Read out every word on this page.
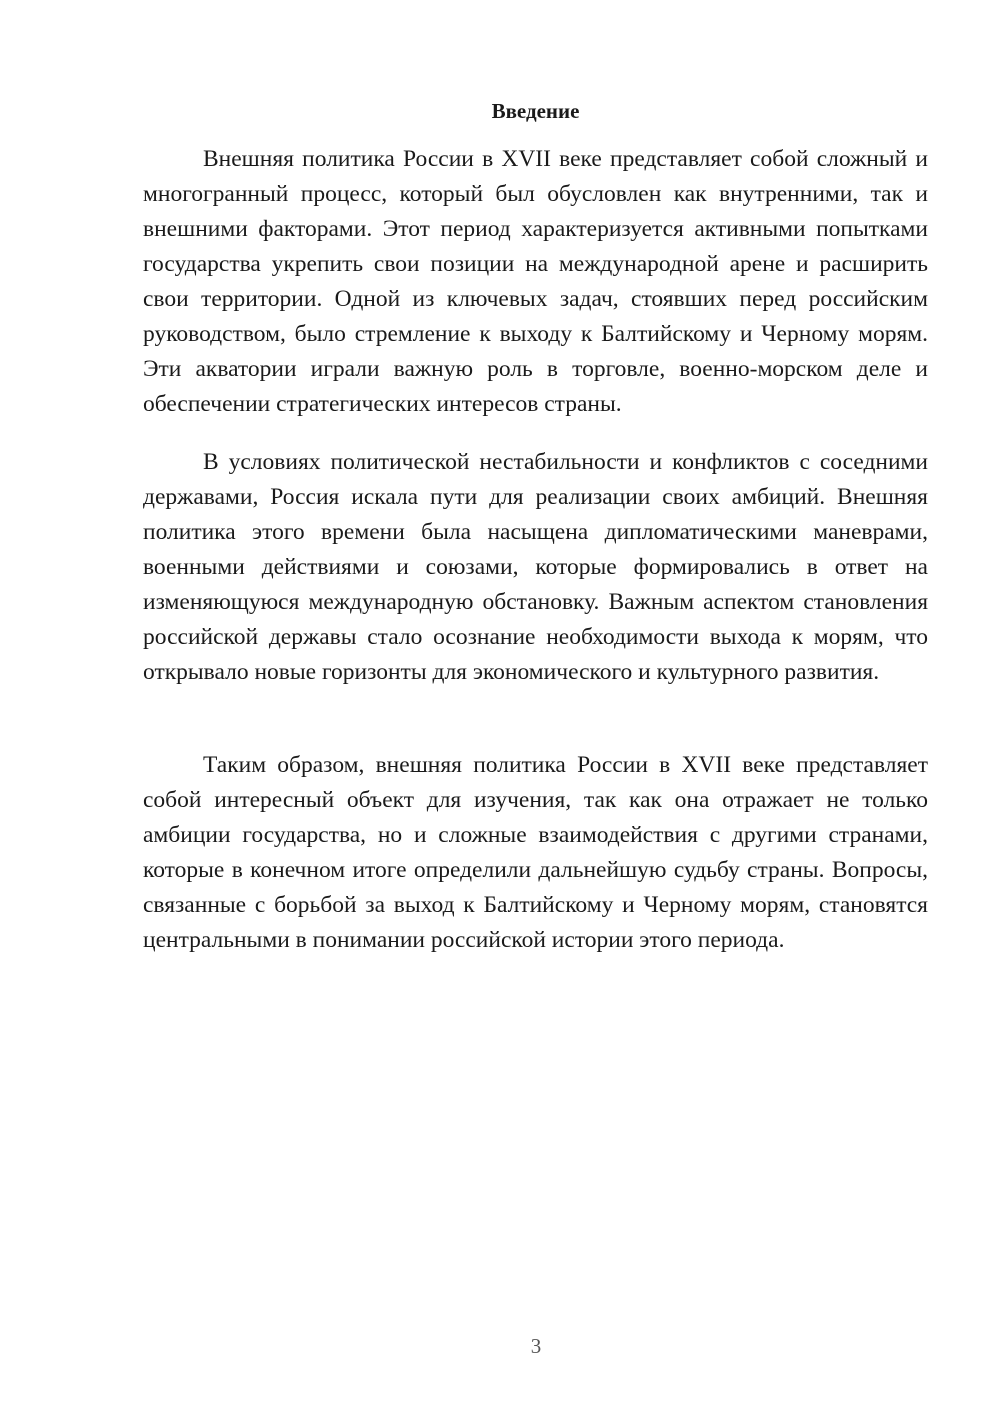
Введение

Внешняя политика России в XVII веке представляет собой сложный и многогранный процесс, который был обусловлен как внутренними, так и внешними факторами. Этот период характеризуется активными попытками государства укрепить свои позиции на международной арене и расширить свои территории. Одной из ключевых задач, стоявших перед российским руководством, было стремление к выходу к Балтийскому и Черному морям. Эти акватории играли важную роль в торговле, военно-морском деле и обеспечении стратегических интересов страны.

В условиях политической нестабильности и конфликтов с соседними державами, Россия искала пути для реализации своих амбиций. Внешняя политика этого времени была насыщена дипломатическими маневрами, военными действиями и союзами, которые формировались в ответ на изменяющуюся международную обстановку. Важным аспектом становления российской державы стало осознание необходимости выхода к морям, что открывало новые горизонты для экономического и культурного развития.

Таким образом, внешняя политика России в XVII веке представляет собой интересный объект для изучения, так как она отражает не только амбиции государства, но и сложные взаимодействия с другими странами, которые в конечном итоге определили дальнейшую судьбу страны. Вопросы, связанные с борьбой за выход к Балтийскому и Черному морям, становятся центральными в понимании российской истории этого периода.

3
